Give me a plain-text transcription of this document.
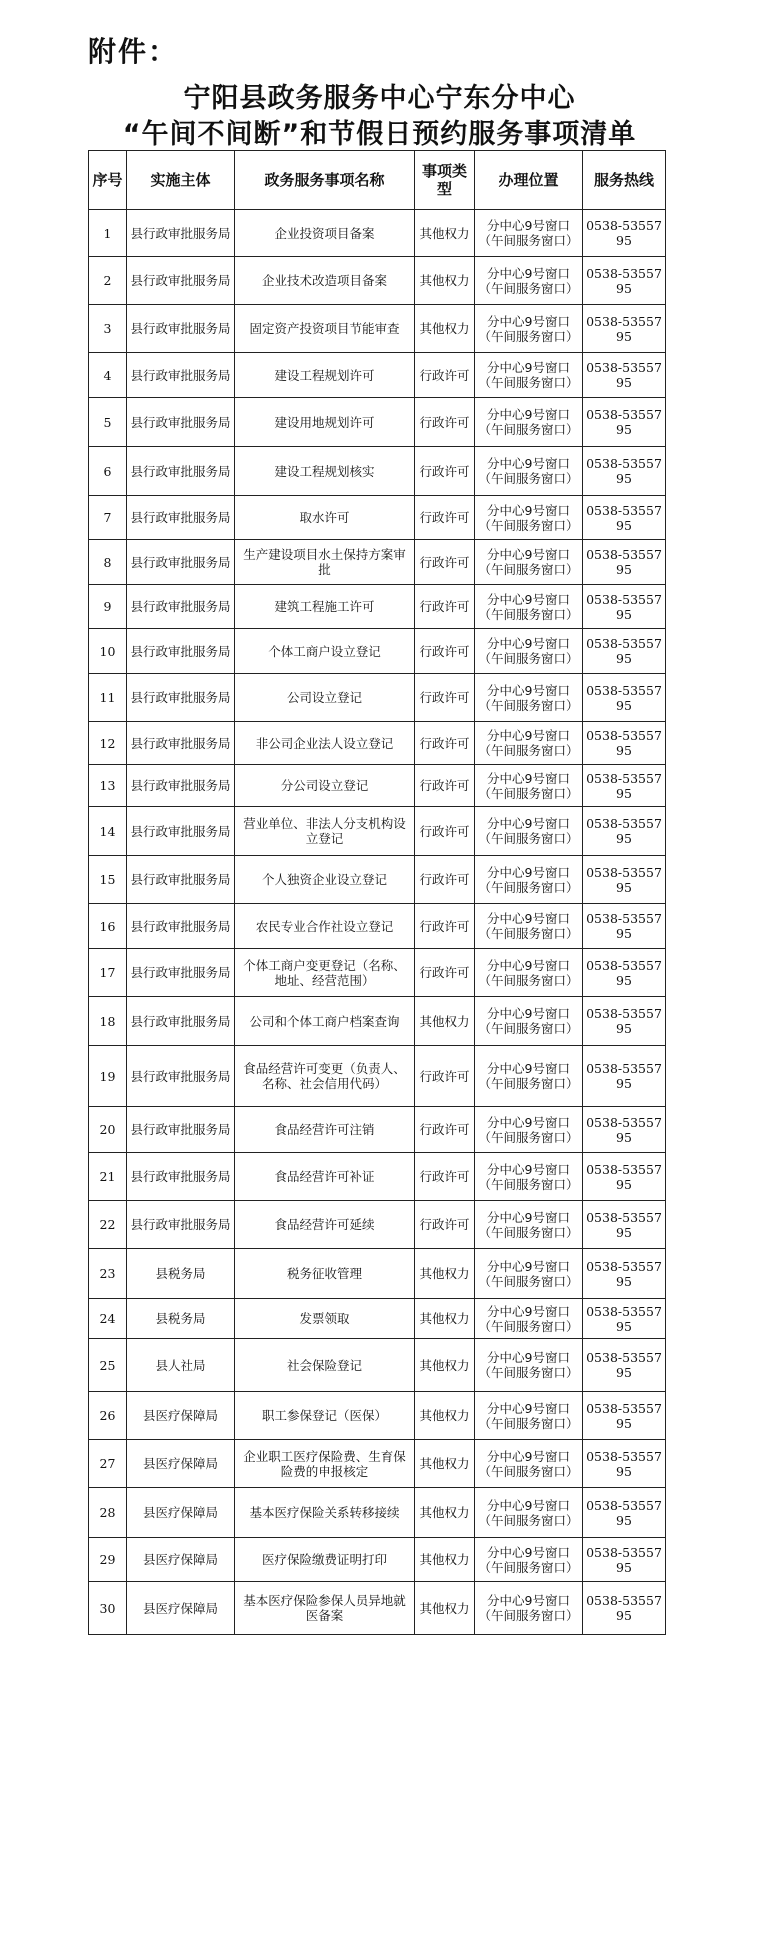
附件：
宁阳县政务服务中心宁东分中心
“午间不间断”和节假日预约服务事项清单
序号	实施主体	政务服务事项名称	事项类型	办理位置	服务热线
1	县行政审批服务局	企业投资项目备案	其他权力	分中心9号窗口（午间服务窗口）	0538-5355795
2	县行政审批服务局	企业技术改造项目备案	其他权力	分中心9号窗口（午间服务窗口）	0538-5355795
3	县行政审批服务局	固定资产投资项目节能审查	其他权力	分中心9号窗口（午间服务窗口）	0538-5355795
4	县行政审批服务局	建设工程规划许可	行政许可	分中心9号窗口（午间服务窗口）	0538-5355795
5	县行政审批服务局	建设用地规划许可	行政许可	分中心9号窗口（午间服务窗口）	0538-5355795
6	县行政审批服务局	建设工程规划核实	行政许可	分中心9号窗口（午间服务窗口）	0538-5355795
7	县行政审批服务局	取水许可	行政许可	分中心9号窗口（午间服务窗口）	0538-5355795
8	县行政审批服务局	生产建设项目水土保持方案审批	行政许可	分中心9号窗口（午间服务窗口）	0538-5355795
9	县行政审批服务局	建筑工程施工许可	行政许可	分中心9号窗口（午间服务窗口）	0538-5355795
10	县行政审批服务局	个体工商户设立登记	行政许可	分中心9号窗口（午间服务窗口）	0538-5355795
11	县行政审批服务局	公司设立登记	行政许可	分中心9号窗口（午间服务窗口）	0538-5355795
12	县行政审批服务局	非公司企业法人设立登记	行政许可	分中心9号窗口（午间服务窗口）	0538-5355795
13	县行政审批服务局	分公司设立登记	行政许可	分中心9号窗口（午间服务窗口）	0538-5355795
14	县行政审批服务局	营业单位、非法人分支机构设立登记	行政许可	分中心9号窗口（午间服务窗口）	0538-5355795
15	县行政审批服务局	个人独资企业设立登记	行政许可	分中心9号窗口（午间服务窗口）	0538-5355795
16	县行政审批服务局	农民专业合作社设立登记	行政许可	分中心9号窗口（午间服务窗口）	0538-5355795
17	县行政审批服务局	个体工商户变更登记（名称、地址、经营范围）	行政许可	分中心9号窗口（午间服务窗口）	0538-5355795
18	县行政审批服务局	公司和个体工商户档案查询	其他权力	分中心9号窗口（午间服务窗口）	0538-5355795
19	县行政审批服务局	食品经营许可变更（负责人、名称、社会信用代码）	行政许可	分中心9号窗口（午间服务窗口）	0538-5355795
20	县行政审批服务局	食品经营许可注销	行政许可	分中心9号窗口（午间服务窗口）	0538-5355795
21	县行政审批服务局	食品经营许可补证	行政许可	分中心9号窗口（午间服务窗口）	0538-5355795
22	县行政审批服务局	食品经营许可延续	行政许可	分中心9号窗口（午间服务窗口）	0538-5355795
23	县税务局	税务征收管理	其他权力	分中心9号窗口（午间服务窗口）	0538-5355795
24	县税务局	发票领取	其他权力	分中心9号窗口（午间服务窗口）	0538-5355795
25	县人社局	社会保险登记	其他权力	分中心9号窗口（午间服务窗口）	0538-5355795
26	县医疗保障局	职工参保登记（医保）	其他权力	分中心9号窗口（午间服务窗口）	0538-5355795
27	县医疗保障局	企业职工医疗保险费、生育保险费的申报核定	其他权力	分中心9号窗口（午间服务窗口）	0538-5355795
28	县医疗保障局	基本医疗保险关系转移接续	其他权力	分中心9号窗口（午间服务窗口）	0538-5355795
29	县医疗保障局	医疗保险缴费证明打印	其他权力	分中心9号窗口（午间服务窗口）	0538-5355795
30	县医疗保障局	基本医疗保险参保人员异地就医备案	其他权力	分中心9号窗口（午间服务窗口）	0538-5355795
